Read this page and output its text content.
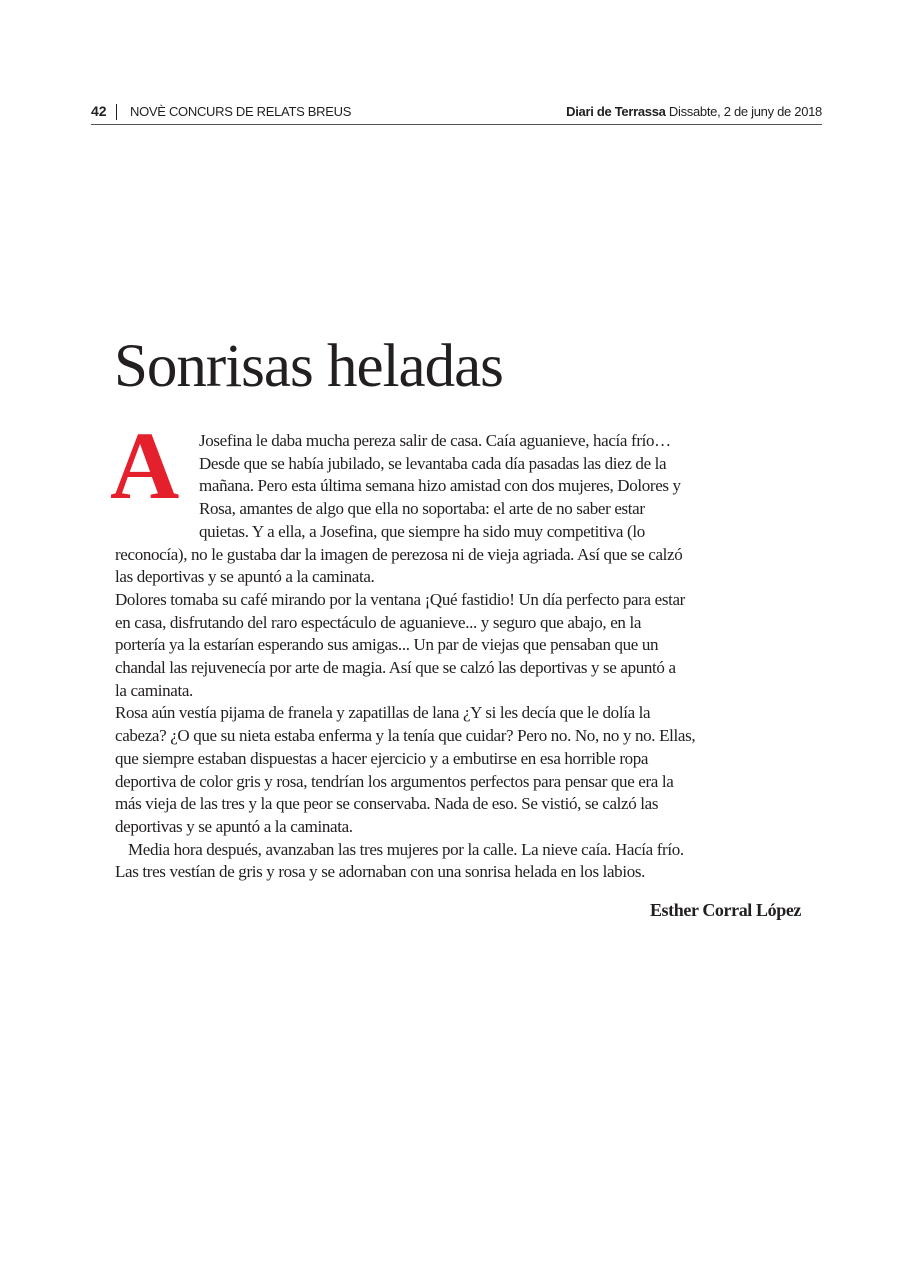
42 NOVÈ CONCURS DE RELATS BREUS	Diari de Terrassa Dissabte, 2 de juny de 2018
Sonrisas heladas
A	Josefina le daba mucha pereza salir de casa. Caía aguanieve, hacía frío…
Desde que se había jubilado, se levantaba cada día pasadas las diez de la
mañana. Pero esta última semana hizo amistad con dos mujeres, Dolores y
Rosa, amantes de algo que ella no soportaba: el arte de no saber estar
quietas. Y a ella, a Josefina, que siempre ha sido muy competitiva (lo
reconocía), no le gustaba dar la imagen de perezosa ni de vieja agriada. Así que se calzó
las deportivas y se apuntó a la caminata.
Dolores tomaba su café mirando por la ventana ¡Qué fastidio! Un día perfecto para estar
en casa, disfrutando del raro espectáculo de aguanieve... y seguro que abajo, en la
portería ya la estarían esperando sus amigas... Un par de viejas que pensaban que un
chandal las rejuvenecía por arte de magia. Así que se calzó las deportivas y se apuntó a
la caminata.
Rosa aún vestía pijama de franela y zapatillas de lana ¿Y si les decía que le dolía la
cabeza? ¿O que su nieta estaba enferma y la tenía que cuidar? Pero no. No, no y no. Ellas,
que siempre estaban dispuestas a hacer ejercicio y a embutirse en esa horrible ropa
deportiva de color gris y rosa, tendrían los argumentos perfectos para pensar que era la
más vieja de las tres y la que peor se conservaba. Nada de eso. Se vistió, se calzó las
deportivas y se apuntó a la caminata.
Media hora después, avanzaban las tres mujeres por la calle. La nieve caía. Hacía frío.
Las tres vestían de gris y rosa y se adornaban con una sonrisa helada en los labios.
Esther Corral López
